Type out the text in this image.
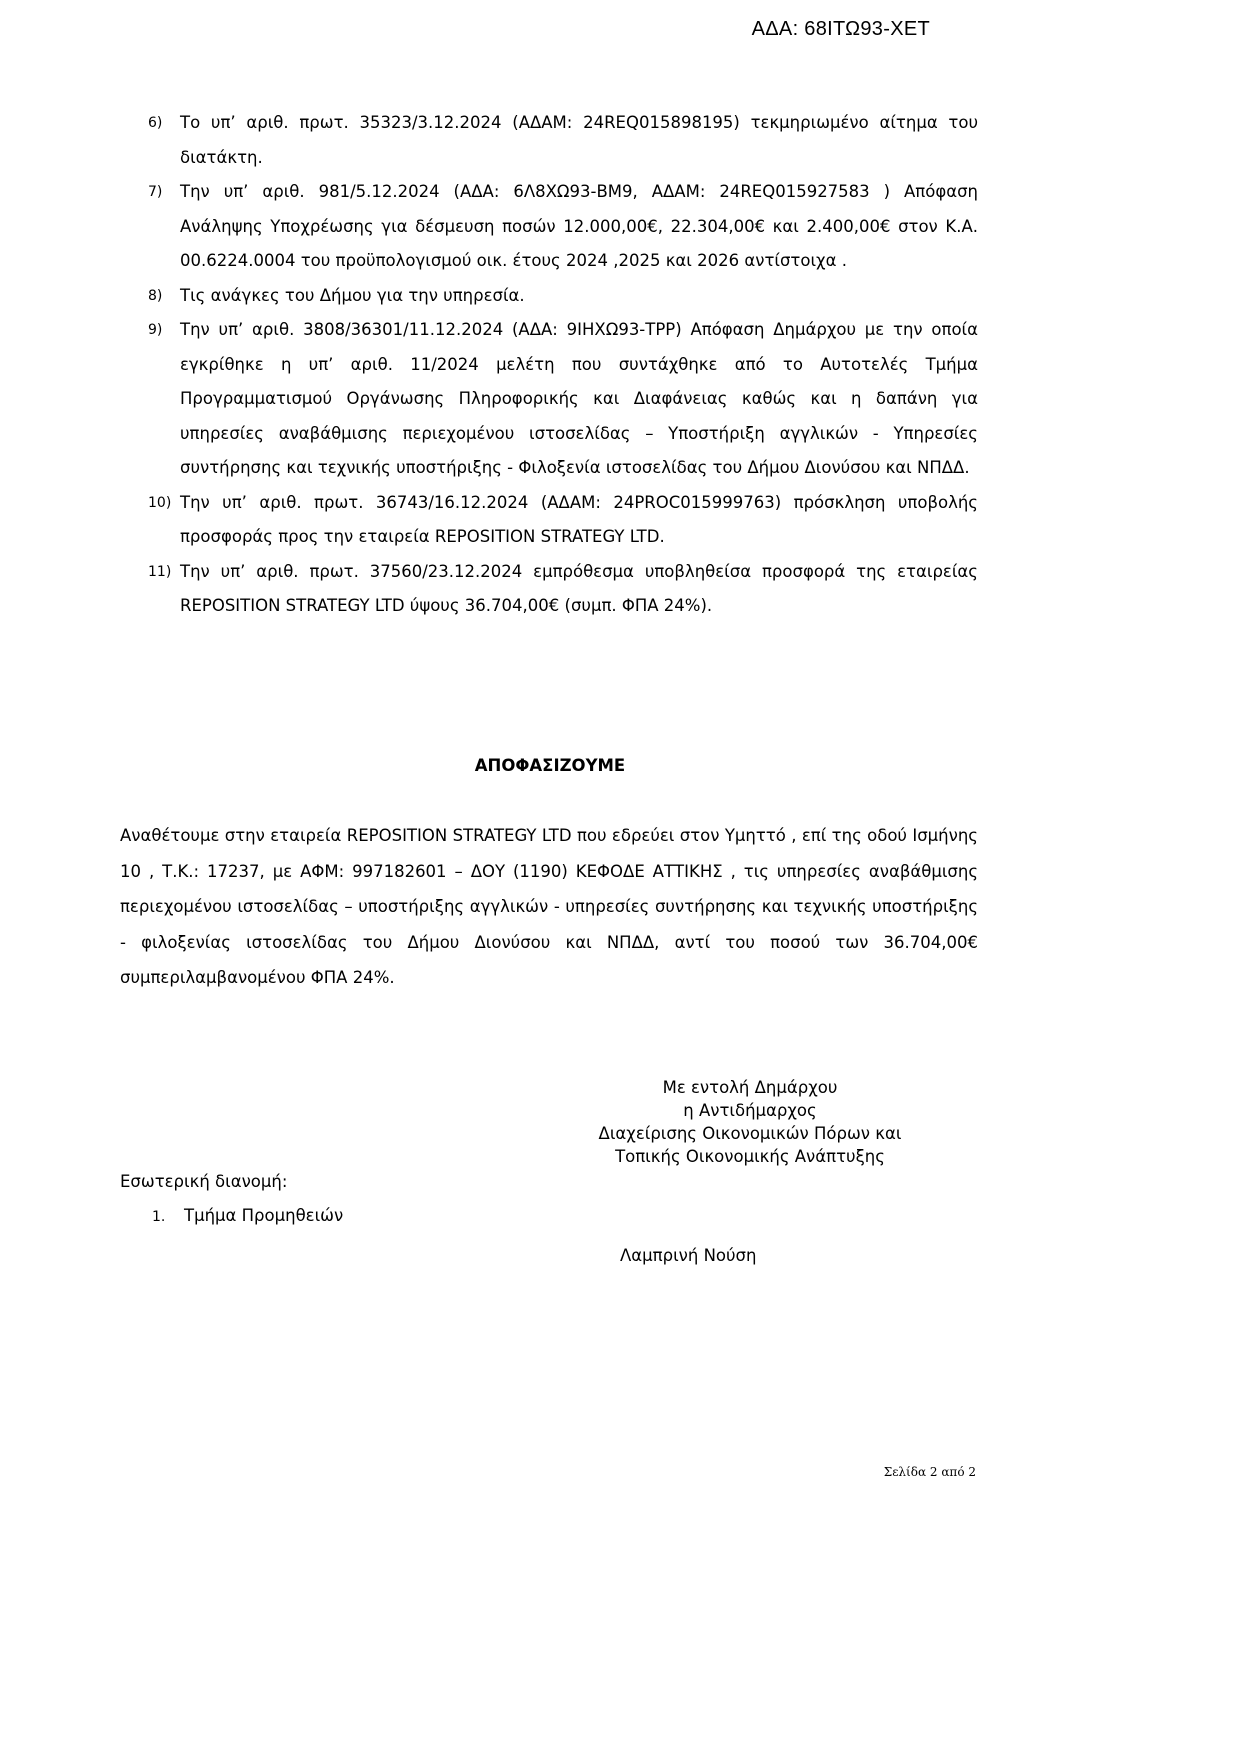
ΑΔΑ: 68ΙΤΩ93-ΧΕΤ
6)	Το υπ’ αριθ. πρωτ. 35323/3.12.2024 (ΑΔΑΜ: 24REQ015898195) τεκμηριωμένο αίτημα του διατάκτη.
7)	Την υπ’ αριθ. 981/5.12.2024 (ΑΔΑ: 6Λ8ΧΩ93-ΒΜ9, ΑΔΑΜ: 24REQ015927583 ) Απόφαση Ανάληψης Υποχρέωσης για δέσμευση ποσών 12.000,00€, 22.304,00€ και 2.400,00€ στον Κ.Α. 00.6224.0004 του προϋπολογισμού οικ. έτους 2024 ,2025 και 2026 αντίστοιχα .
8)	Τις ανάγκες του Δήμου για την υπηρεσία.
9)	Την υπ’ αριθ. 3808/36301/11.12.2024 (ΑΔΑ: 9ΙΗΧΩ93-ΤΡΡ) Απόφαση Δημάρχου με την οποία εγκρίθηκε η υπ’ αριθ. 11/2024 μελέτη που συντάχθηκε από το Αυτοτελές Τμήμα Προγραμματισμού Οργάνωσης Πληροφορικής και Διαφάνειας καθώς και η δαπάνη για υπηρεσίες αναβάθμισης περιεχομένου ιστοσελίδας – Υποστήριξη αγγλικών - Υπηρεσίες συντήρησης και τεχνικής υποστήριξης - Φιλοξενία ιστοσελίδας του Δήμου Διονύσου και ΝΠΔΔ.
10) Την υπ’ αριθ. πρωτ. 36743/16.12.2024 (ΑΔΑΜ: 24PROC015999763) πρόσκληση υποβολής προσφοράς προς την εταιρεία REPOSITION STRATEGY LTD.
11) Την υπ’ αριθ. πρωτ. 37560/23.12.2024 εμπρόθεσμα υποβληθείσα προσφορά της εταιρείας REPOSITION STRATEGY LTD ύψους 36.704,00€ (συμπ. ΦΠΑ 24%).
ΑΠΟΦΑΣΙΖΟΥΜΕ
Αναθέτουμε στην εταιρεία REPOSITION STRATEGY LTD που εδρεύει στον Υμηττό , επί της οδού Ισμήνης 10 , Τ.Κ.: 17237, με ΑΦΜ: 997182601 – ΔΟΥ (1190) ΚΕΦΟΔΕ ΑΤΤΙΚΗΣ , τις υπηρεσίες αναβάθμισης περιεχομένου ιστοσελίδας – υποστήριξης αγγλικών - υπηρεσίες συντήρησης και τεχνικής υποστήριξης - φιλοξενίας ιστοσελίδας του Δήμου Διονύσου και ΝΠΔΔ, αντί του ποσού των 36.704,00€ συμπεριλαμβανομένου ΦΠΑ 24%.
Με εντολή Δημάρχου
η Αντιδήμαρχος
Διαχείρισης Οικονομικών Πόρων και
Τοπικής Οικονομικής Ανάπτυξης
Εσωτερική διανομή:
1. Τμήμα Προμηθειών
Λαμπρινή Νούση
Σελίδα 2 από 2
